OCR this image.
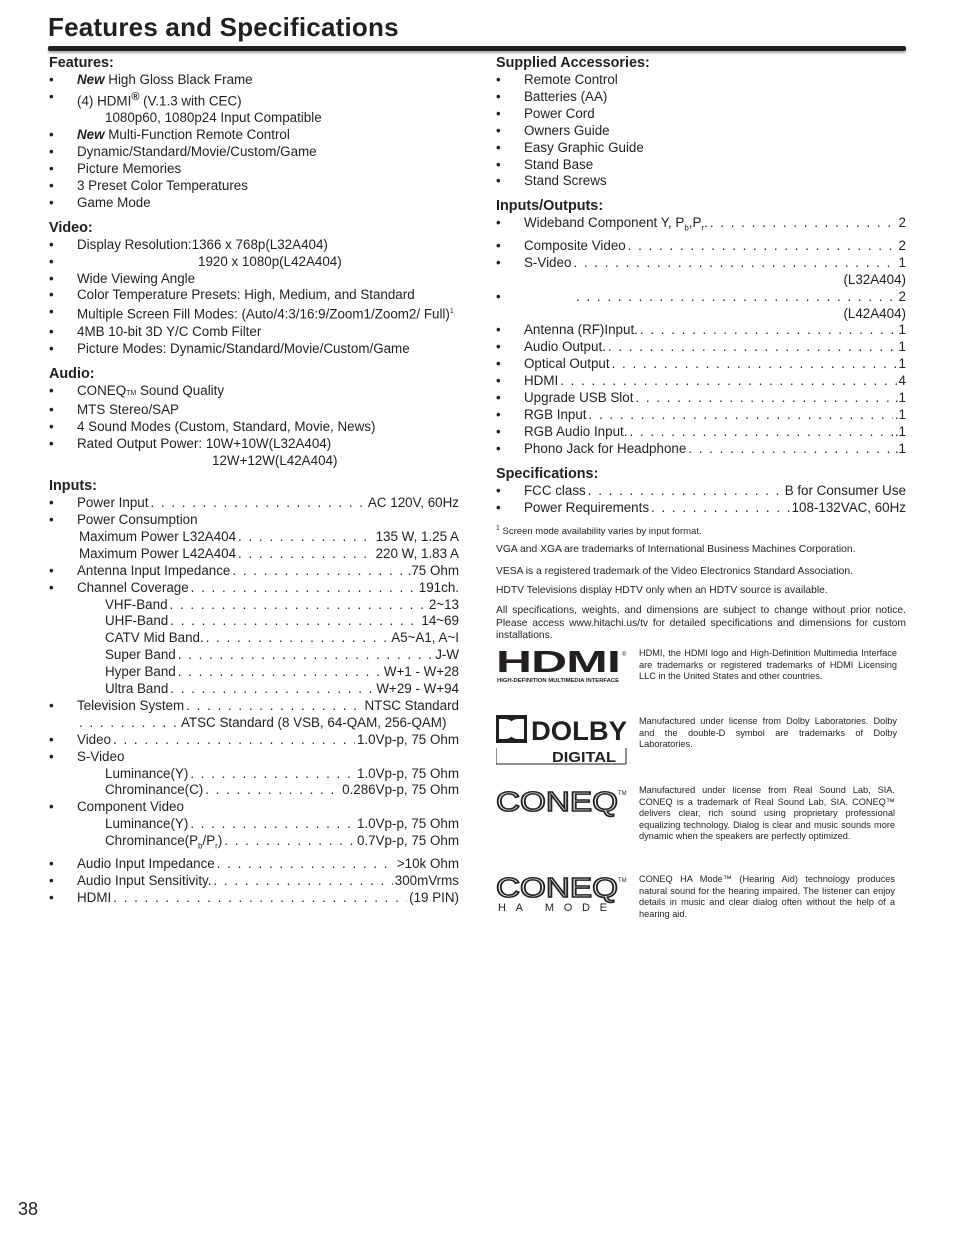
Features and Specifications
Features:
• New High Gloss Black Frame
• (4) HDMI® (V.1.3 with CEC)
1080p60, 1080p24 Input Compatible
• New Multi-Function Remote Control
• Dynamic/Standard/Movie/Custom/Game
• Picture Memories
• 3 Preset Color Temperatures
• Game Mode
Video:
• Display Resolution:1366 x 768p(L32A404)
•	1920 x 1080p(L42A404)
• Wide Viewing Angle
• Color Temperature Presets: High, Medium, and Standard
• Multiple Screen Fill Modes: (Auto/4:3/16:9/Zoom1/Zoom2/ Full)$^1$
• 4MB 10-bit 3D Y/C Comb Filter
• Picture Modes: Dynamic/Standard/Movie/Custom/Game
Audio:
• CONEQTM Sound Quality
• MTS Stereo/SAP
• 4 Sound Modes (Custom, Standard, Movie, News)
• Rated Output Power: 10W+10W(L32A404)
12W+12W(L42A404)
Inputs:
• Power Input . . .	AC 120V, 60Hz
• Power Consumption
Maximum Power L32A404 . . .	135 W, 1.25 A
Maximum Power L42A404 . . .	220 W, 1.83 A
• Antenna Input Impedance . . .	.75 Ohm
• Channel Coverage . . .	191ch.
VHF-Band . . .	2~13
UHF-Band . . .	14~69
CATV Mid Band. . . .	A5~A1, A~I
Super Band . . .	J-W
Hyper Band . . .	W+1 - W+28
Ultra Band . . .	W+29 - W+94
• Television System . . .	NTSC Standard
. . .
ATSC Standard (8 VSB, 64-QAM, 256-QAM)
• Video . . .	1.0Vp-p, 75 Ohm
• S-Video
Luminance(Y) . . .	1.0Vp-p, 75 Ohm
Chrominance(C) . . .	0.286Vp-p, 75 Ohm
• Component Video
Luminance(Y) . . .	1.0Vp-p, 75 Ohm
$Chrominance(P_b/P_r)$ . . .	0.7Vp-p, 75 Ohm
• Audio Input Impedance . . .	>10k Ohm
• Audio Input Sensitivity. . . .	300mVrms
• HDMI . . .	(19 PIN)
Supplied Accessories:
• Remote Control
• Batteries (AA)
• Power Cord
• Owners Guide
• Easy Graphic Guide
• Stand Base
• Stand Screws
Inputs/Outputs:
• Wideband Component Y, $P_b,P_r$. . . .	2
• Composite Video . . .	2
• S-Video . . .	1
(L32A404)
• . . .	2
(L42A404)
• Antenna (RF)Input. . . .	1
• Audio Output. . . .	1
• Optical Output . . .	1
• HDMI . . .	4
• Upgrade USB Slot . . .	.1
• RGB Input . . .	.1
• RGB Audio Input. . . .	.1
• Phono Jack for Headphone . . .	.1
Specifications:
• FCC class . . .	B for Consumer Use
• Power Requirements . . .	108-132VAC, 60Hz
$^1$ Screen mode availability varies by input format.
VGA and XGA are trademarks of International Business Machines Corporation.
VESA is a registered trademark of the Video Electronics Standard Association.
HDTV Televisions display HDTV only when an HDTV source is available.
All specifications, weights, and dimensions are subject to change without prior notice. Please access www.hitachi.us/tv for detailed specifications and dimensions for custom installations.
HDMI ®
HIGH-DEFINITION MULTIMEDIA INTERFACE
HDMI, the HDMI logo and High-Definition Multimedia Interface are trademarks or registered trademarks of HDMI Licensing LLC in the United States and other countries.
DOLBY
DIGITAL
Manufactured under license from Dolby Laboratories. Dolby and the double-D symbol are trademarks of Dolby Laboratories.
CONEQ TM Manufactured under license from Real Sound Lab, SIA. CONEQ is a trademark of Real Sound Lab, SIA. CONEQ™ delivers clear, rich sound using proprietary professional equalizing technology. Dialog is clear and music sounds more dynamic when the speakers are perfectly optimized.
CONEQ TM
HA MODE
CONEQ HA Mode™ (Hearing Aid) technology produces natural sound for the hearing impaired. The listener can enjoy details in music and clear dialog often without the help of a hearing aid.
38
